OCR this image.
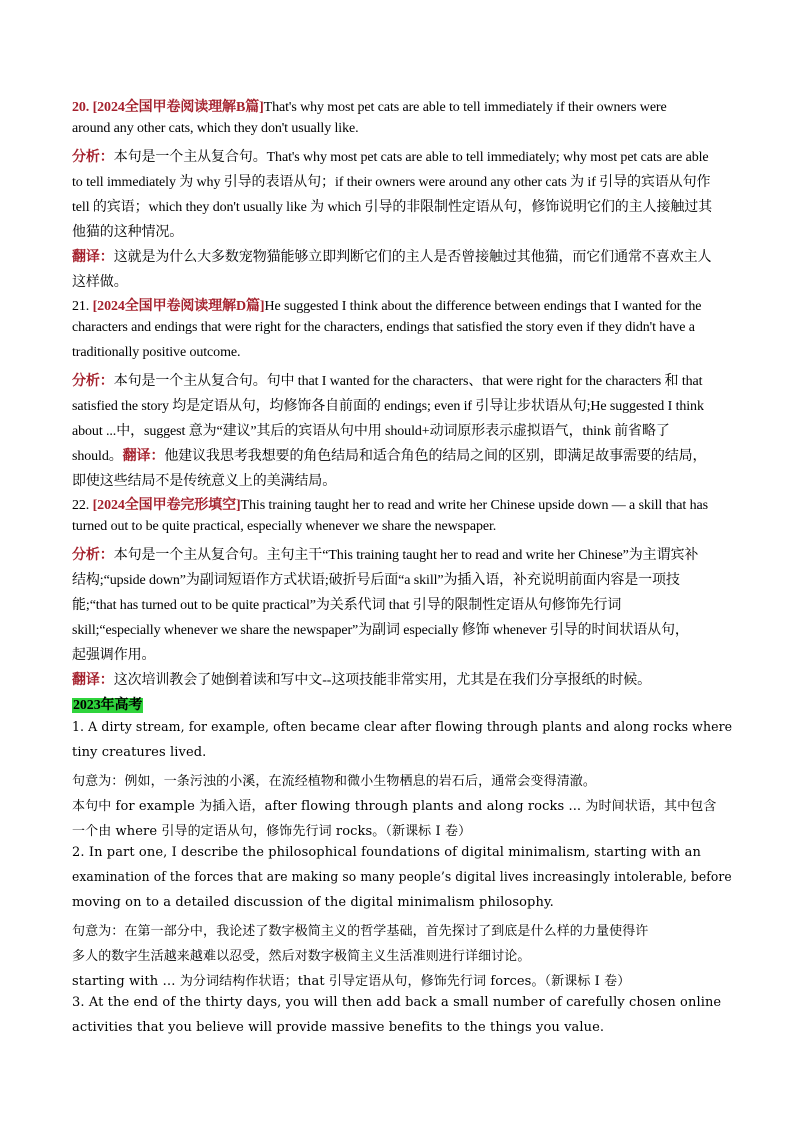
20. [2024全国甲卷阅读理解B篇]That's why most pet cats are able to tell immediately if their owners were
around any other cats, which they don't usually like.
分析：本句是一个主从复合句。That's why most pet cats are able to tell immediately; why most pet cats are able
to tell immediately 为 why 引导的表语从句；if their owners were around any other cats 为 if 引导的宾语从句作
tell 的宾语；which they don't usually like 为 which 引导的非限制性定语从句，修饰说明它们的主人接触过其
他猫的这种情况。
翻译：这就是为什么大多数宠物猫能够立即判断它们的主人是否曾接触过其他猫，而它们通常不喜欢主人
这样做。
21. [2024全国甲卷阅读理解D篇]He suggested I think about the difference between endings that I wanted for the
characters and endings that were right for the characters, endings that satisfied the story even if they didn't have a
traditionally positive outcome.
分析：本句是一个主从复合句。句中 that I wanted for the characters、that were right for the characters 和 that
satisfied the story 均是定语从句，均修饰各自前面的 endings; even if 引导让步状语从句;He suggested I think
about ...中，suggest 意为“建议”其后的宾语从句中用 should+动词原形表示虚拟语气，think 前省略了
should。翻译：他建议我思考我想要的角色结局和适合角色的结局之间的区别，即满足故事需要的结局，
即使这些结局不是传统意义上的美满结局。
22. [2024全国甲卷完形填空]This training taught her to read and write her Chinese upside down — a skill that has
turned out to be quite practical, especially whenever we share the newspaper.
分析：本句是一个主从复合句。主句主干“This training taught her to read and write her Chinese”为主谓宾补
结构;“upside down”为副词短语作方式状语;破折号后面“a skill”为插入语，补充说明前面内容是一项技
能;“that has turned out to be quite practical”为关系代词 that 引导的限制性定语从句修饰先行词
skill;“especially whenever we share the newspaper”为副词 especially 修饰 whenever 引导的时间状语从句，
起强调作用。
翻译：这次培训教会了她倒着读和写中文--这项技能非常实用，尤其是在我们分享报纸的时候。
2023年高考
1. A dirty stream, for example, often became clear after flowing through plants and along rocks where
tiny creatures lived.
句意为：例如，一条污浊的小溪，在流经植物和微小生物栖息的岩石后，通常会变得清澈。
本句中 for example 为插入语，after flowing through plants and along rocks ... 为时间状语，其中包含
一个由 where 引导的定语从句，修饰先行词 rocks。（新课标 I 卷）
2. In part one, I describe the philosophical foundations of digital minimalism, starting with an
examination of the forces that are making so many people’s digital lives increasingly intolerable, before
moving on to a detailed discussion of the digital minimalism philosophy.
句意为：在第一部分中，我论述了数字极简主义的哲学基础，首先探讨了到底是什么样的力量使得许
多人的数字生活越来越难以忍受，然后对数字极简主义生活准则进行详细讨论。
starting with … 为分词结构作状语；that 引导定语从句，修饰先行词 forces。（新课标 I 卷）
3. At the end of the thirty days, you will then add back a small number of carefully chosen online
activities that you believe will provide massive benefits to the things you value.
